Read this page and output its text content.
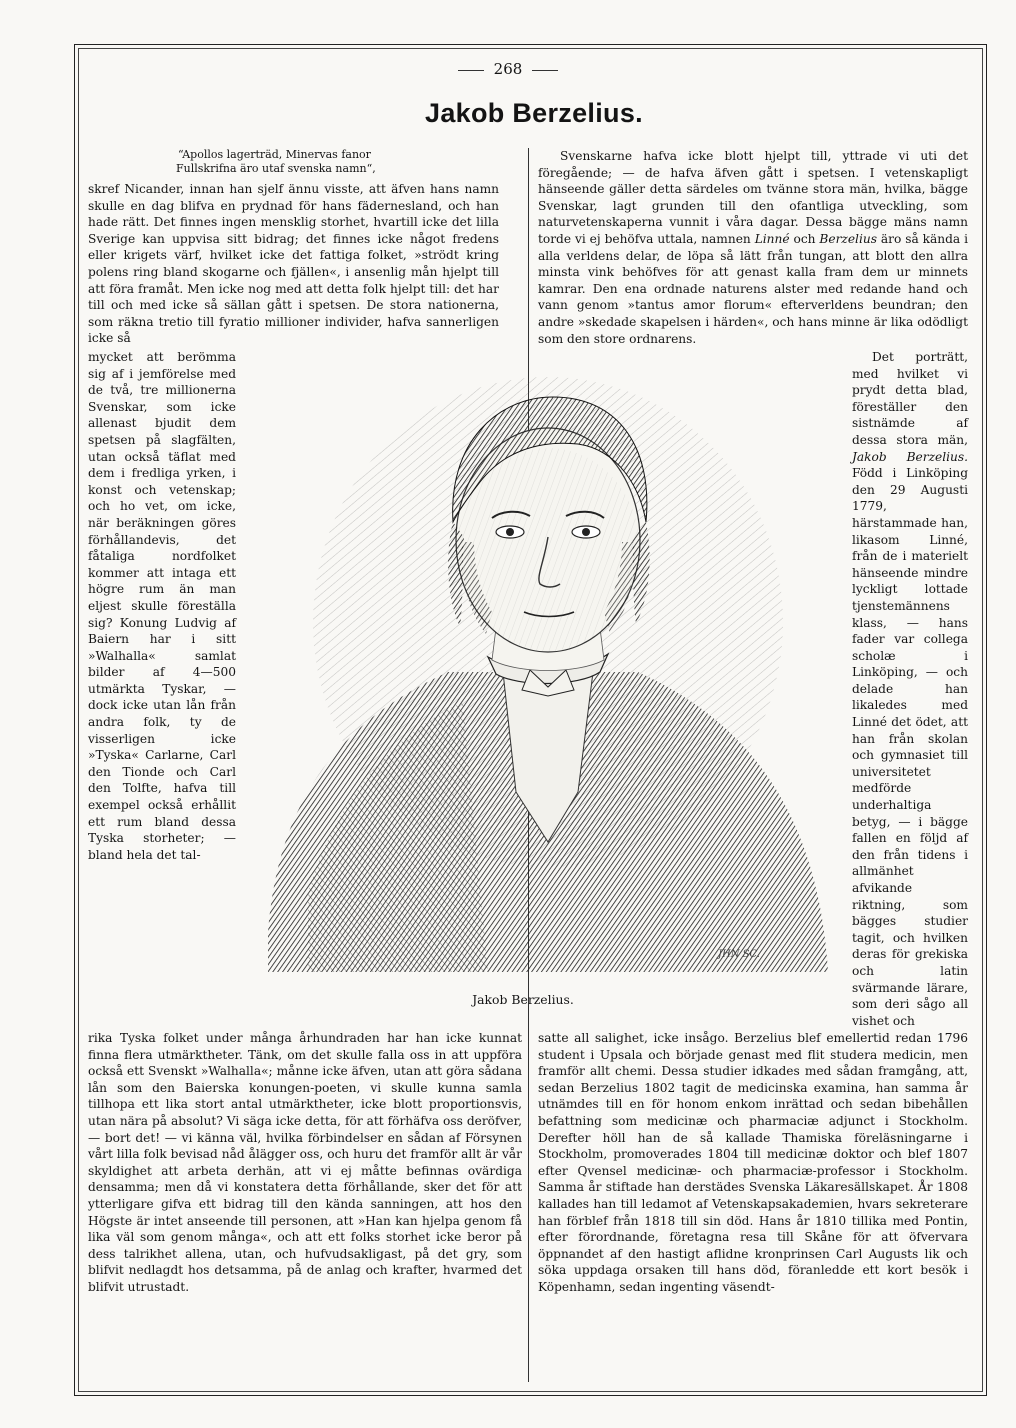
268
Jakob Berzelius.
“Apollos lagerträd, Minervas fanor
Fullskrifna äro utaf svenska namn“,

skref Nicander, innan han sjelf ännu visste, att äfven hans namn skulle en dag blifva en prydnad för hans fädernesland, och han hade rätt. Det finnes ingen mensklig storhet, hvartill icke det lilla Sverige kan uppvisa sitt bidrag; det finnes icke något fredens eller krigets värf, hvilket icke det fattiga folket, »strödt kring polens ring bland skogarne och fjällen«, i ansenlig mån hjelpt till att föra framåt. Men icke nog med att detta folk hjelpt till: det har till och med icke så sällan gått i spetsen. De stora nationerna, som räkna tretio till fyratio millioner individer, hafva sannerligen icke så

mycket att berömma sig af i jemförelse med de två, tre millionerna Svenskar, som icke allenast bjudit dem spetsen på slagfälten, utan också täflat med dem i fredliga yrken, i konst och vetenskap; och ho vet, om icke, när beräkningen göres förhållandevis, det fåtaliga nordfolket kommer att intaga ett högre rum än man eljest skulle föreställa sig? Konung Ludvig af Baiern har i sitt »Walhalla« samlat bilder af 4—500 utmärkta Tyskar, — dock icke utan lån från andra folk, ty de visserligen icke »Tyska« Carlarne, Carl den Tionde och Carl den Tolfte, hafva till exempel också erhållit ett rum bland dessa Tyska storheter; — bland hela det tal-

rika Tyska folket under många århundraden har han icke kunnat finna flera utmärktheter. Tänk, om det skulle falla oss in att uppföra också ett Svenskt »Walhalla«; månne icke äfven, utan att göra sådana lån som den Baierska konungen-poeten, vi skulle kunna samla tillhopa ett lika stort antal utmärktheter, icke blott proportionsvis, utan nära på absolut? Vi säga icke detta, för att förhäfva oss deröfver, — bort det! — vi känna väl, hvilka förbindelser en sådan af Försynen vårt lilla folk bevisad nåd ålägger oss, och huru det framför allt är vår skyldighet att arbeta derhän, att vi ej måtte befinnas ovärdiga densamma; men då vi konstatera detta förhållande, sker det för att ytterligare gifva ett bidrag till den kända sanningen, att hos den Högste är intet anseende till personen, att »Han kan hjelpa genom få lika väl som genom många«, och att ett folks storhet icke beror på dess talrikhet allena, utan, och hufvudsakligast, på det gry, som blifvit nedlagdt hos detsamma, på de anlag och krafter, hvarmed det blifvit utrustadt.

Svenskarne hafva icke blott hjelpt till, yttrade vi uti det föregående; — de hafva äfven gått i spetsen. I vetenskapligt hänseende gäller detta särdeles om tvänne stora män, hvilka, bägge Svenskar, lagt grunden till den ofantliga utveckling, som naturvetenskaperna vunnit i våra dagar. Dessa bägge mäns namn torde vi ej behöfva uttala, namnen Linné och Berzelius äro så kända i alla verldens delar, de löpa så lätt från tungan, att blott den allra minsta vink behöfves för att genast kalla fram dem ur minnets kamrar. Den ena ordnade naturens alster med redande hand och vann genom »tantus amor florum« efterverldens beundran; den andre »skedade skapelsen i härden«, och hans minne är lika odödligt som den store ordnarens.

Det porträtt, med hvilket vi prydt detta blad, föreställer den sistnämde af dessa stora män, Jakob Berzelius. Född i Linköping den 29 Augusti 1779, härstammade han, likasom Linné, från de i materielt hänseende mindre lyckligt lottade tjenstemännens klass, — hans fader var collega scholæ i Linköping, — och delade han likaledes med Linné det ödet, att han från skolan och gymnasiet till universitetet medförde underhaltiga betyg, — i bägge fallen en följd af den från tidens i allmänhet afvikande riktning, som bägges studier tagit, och hvilken deras för grekiska och latin svärmande lärare, som deri sågo all vishet och

satte all salighet, icke insågo. Berzelius blef emellertid redan 1796 student i Upsala och började genast med flit studera medicin, men framför allt chemi. Dessa studier idkades med sådan framgång, att, sedan Berzelius 1802 tagit de medicinska examina, han samma år utnämdes till en för honom enkom inrättad och sedan bibehållen befattning som medicinæ och pharmaciæ adjunct i Stockholm. Derefter höll han de så kallade Thamiska föreläsningarne i Stockholm, promoverades 1804 till medicinæ doktor och blef 1807 efter Qvensel medicinæ- och pharmaciæ-professor i Stockholm. Samma år stiftade han derstädes Svenska Läkaresällskapet. År 1808 kallades han till ledamot af Vetenskapsakademien, hvars sekreterare han förblef från 1818 till sin död. Hans år 1810 tillika med Pontin, efter förordnande, företagna resa till Skåne för att öfvervara öppnandet af den hastigt aflidne kronprinsen Carl Augusts lik och söka uppdaga orsaken till hans död, föranledde ett kort besök i Köpenhamn, sedan ingenting väsendt-

JHN SC.
Jakob Berzelius.
